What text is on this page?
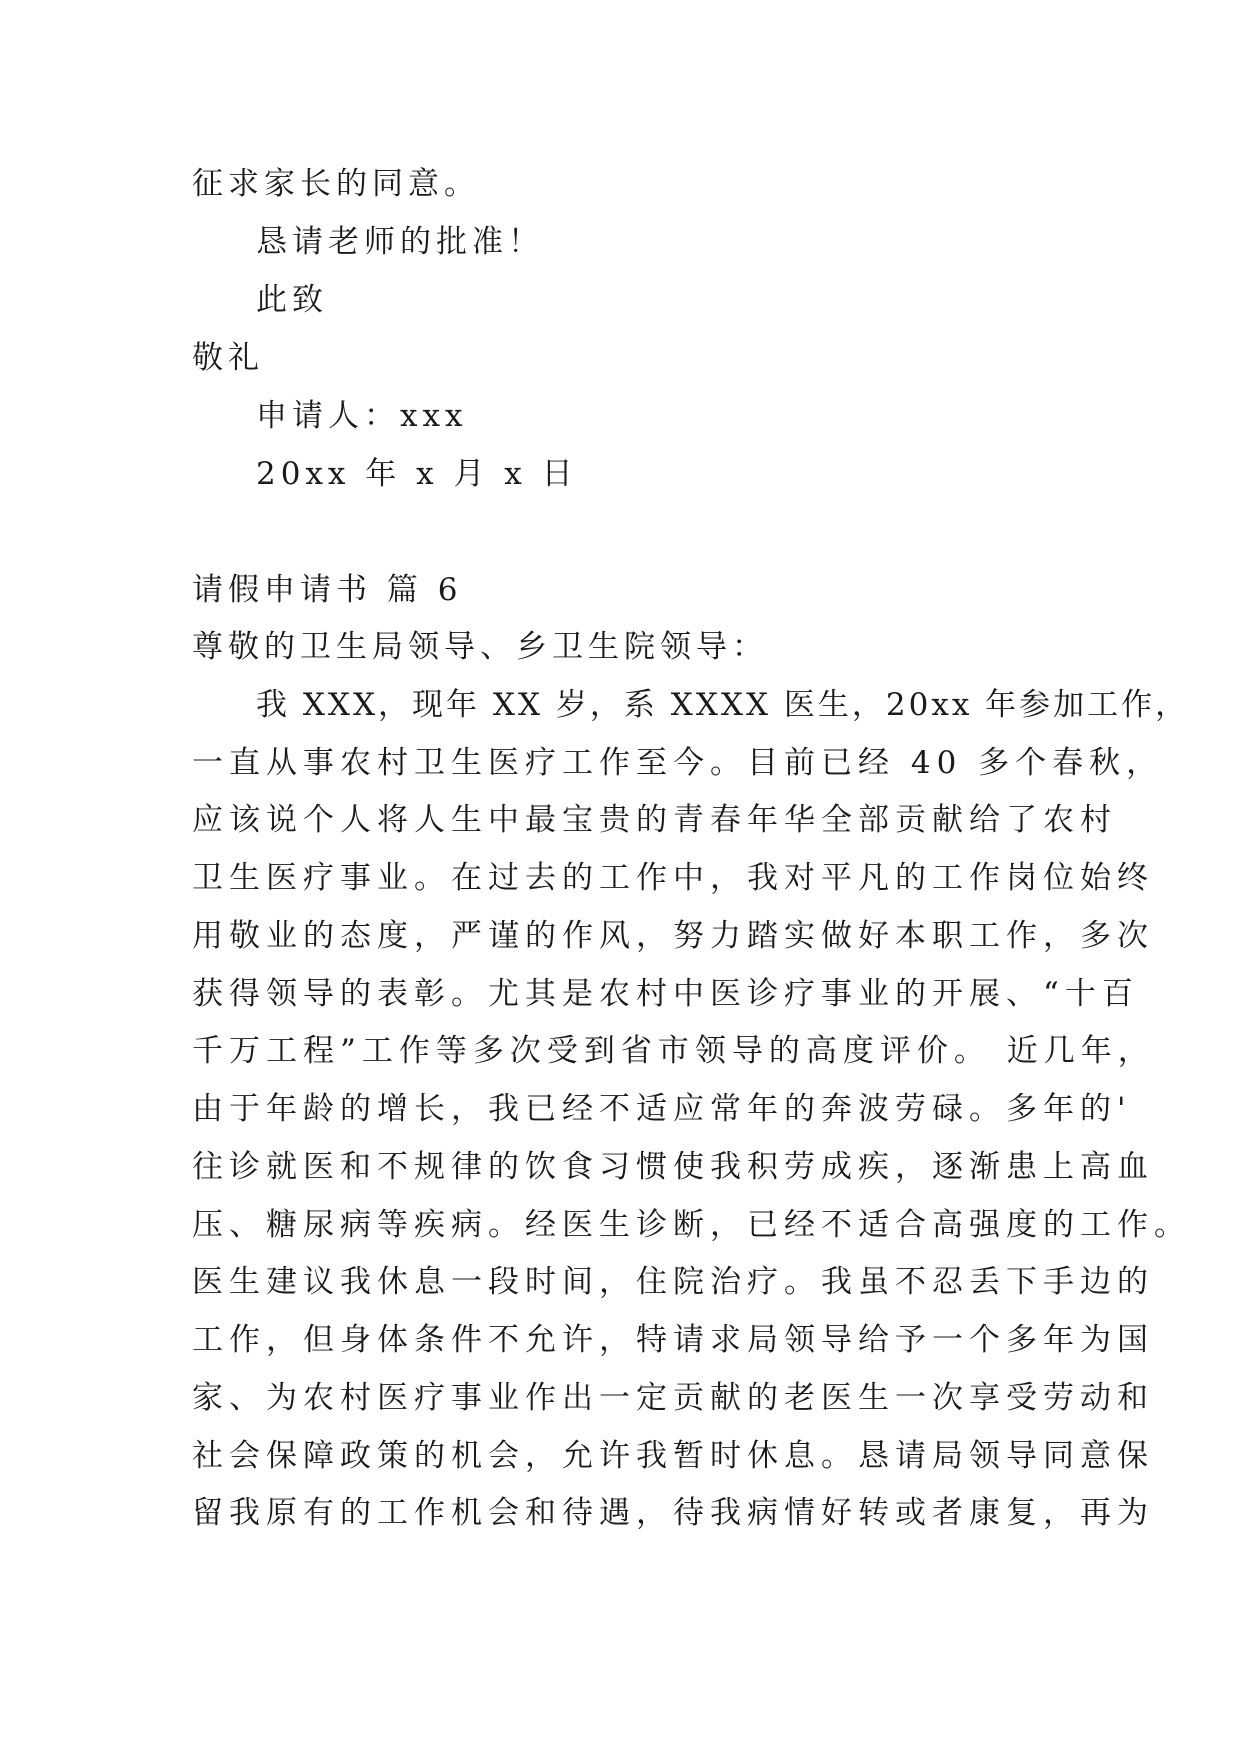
征求家长的同意。
恳请老师的批准！
此致
敬礼
申请人：xxx
20xx 年 x 月 x 日
请假申请书 篇 6
尊敬的卫生局领导、乡卫生院领导：
我 XXX，现年 XX 岁，系 XXXX 医生，20xx 年参加工作，
一直从事农村卫生医疗工作至今。目前已经 40 多个春秋，
应该说个人将人生中最宝贵的青春年华全部贡献给了农村
卫生医疗事业。在过去的工作中，我对平凡的工作岗位始终
用敬业的态度，严谨的作风，努力踏实做好本职工作，多次
获得领导的表彰。尤其是农村中医诊疗事业的开展、“十百
千万工程”工作等多次受到省市领导的高度评价。 近几年，
由于年龄的增长，我已经不适应常年的奔波劳碌。多年的'
往诊就医和不规律的饮食习惯使我积劳成疾，逐渐患上高血
压、糖尿病等疾病。经医生诊断，已经不适合高强度的工作。
医生建议我休息一段时间，住院治疗。我虽不忍丢下手边的
工作，但身体条件不允许，特请求局领导给予一个多年为国
家、为农村医疗事业作出一定贡献的老医生一次享受劳动和
社会保障政策的机会，允许我暂时休息。恳请局领导同意保
留我原有的工作机会和待遇，待我病情好转或者康复，再为
